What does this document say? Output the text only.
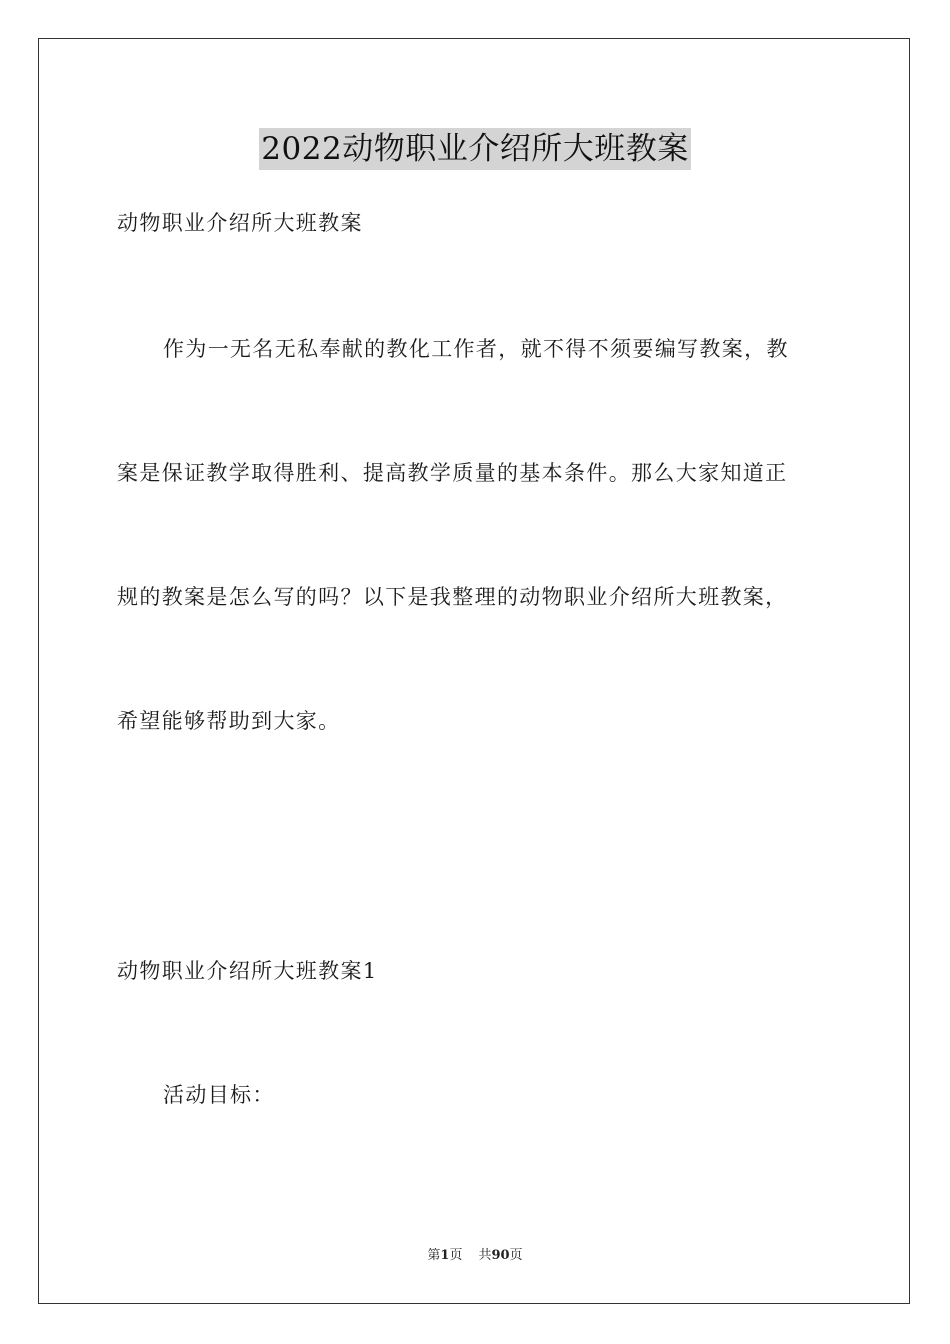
2022动物职业介绍所大班教案
动物职业介绍所大班教案
作为一无名无私奉献的教化工作者，就不得不须要编写教案，教
案是保证教学取得胜利、提高教学质量的基本条件。那么大家知道正
规的教案是怎么写的吗？以下是我整理的动物职业介绍所大班教案，
希望能够帮助到大家。
动物职业介绍所大班教案1
活动目标：
第1页 共90页
